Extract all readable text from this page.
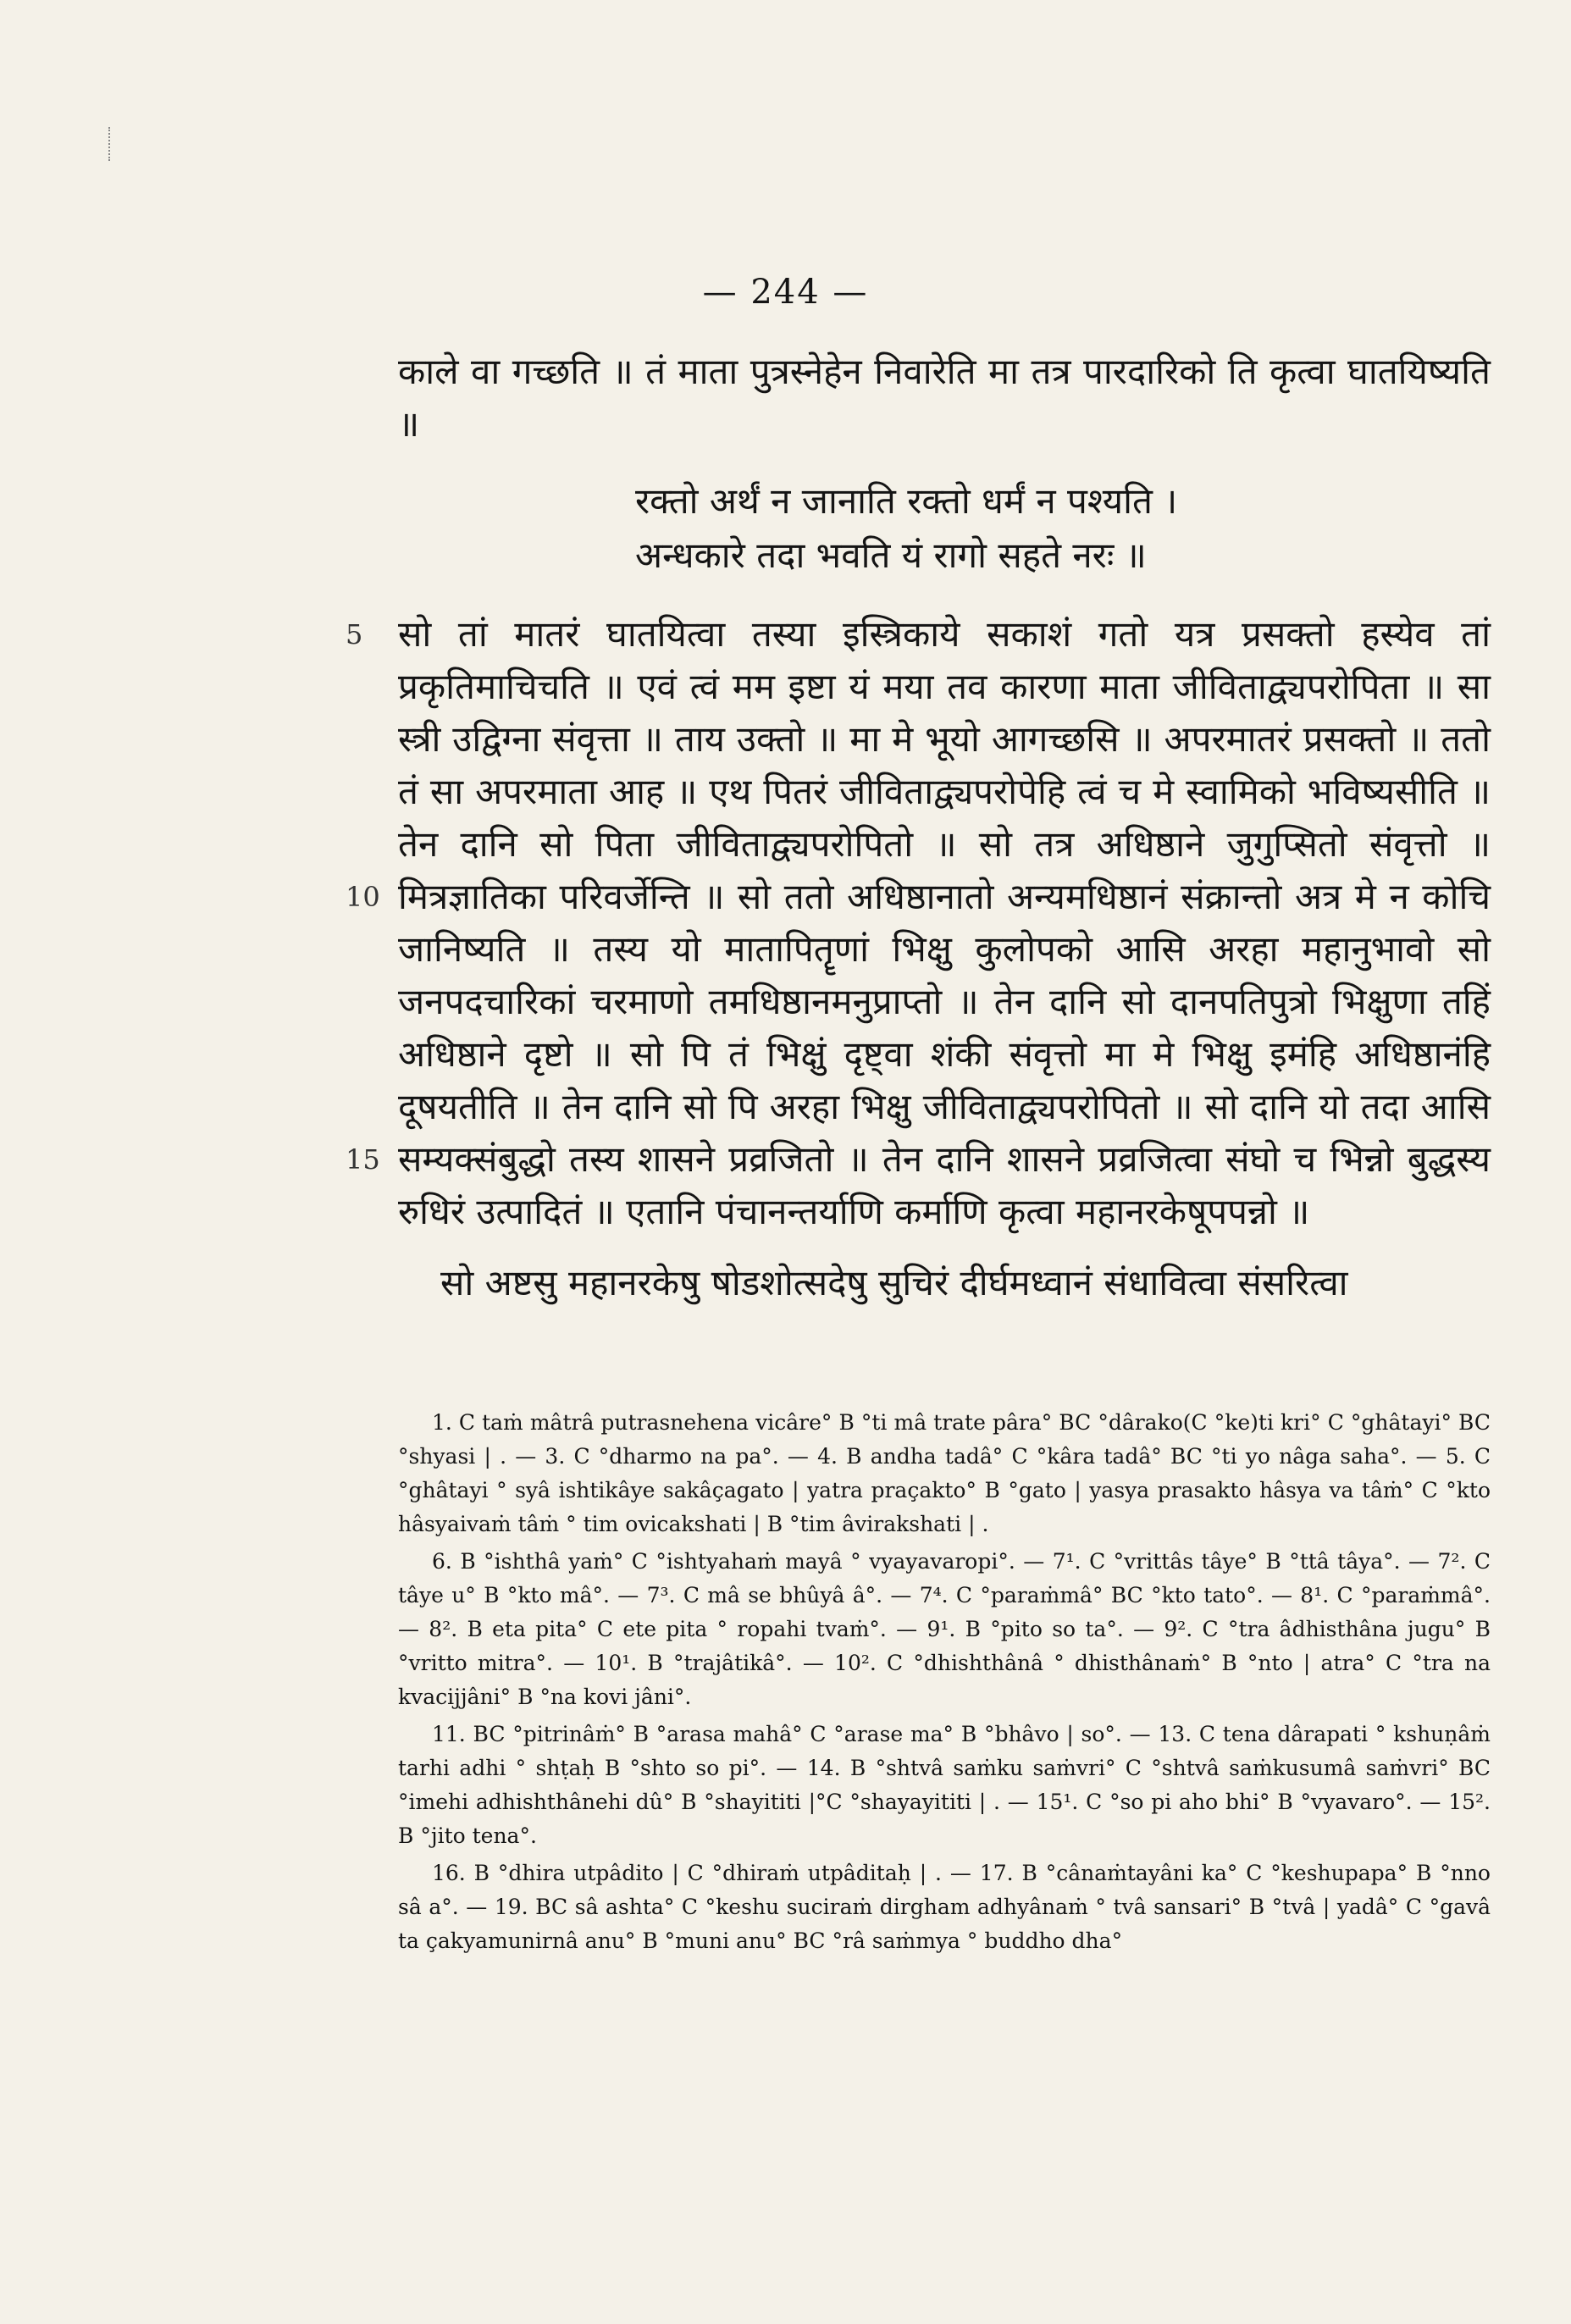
— 244 —

काले वा गच्छति ॥ तं माता पुत्रस्नेहेन निवारेति मा तत्र पारदारिको ति कृत्वा घातयिष्यति ॥

रक्तो अर्थं न जानाति रक्तो धर्मं न पश्यति ।
अन्धकारे तदा भवति यं रागो सहते नरः ॥

5
10
15
सो तां मातरं घातयित्वा तस्या इस्त्रिकाये सकाशं गतो यत्र प्रसक्तो हस्येव तां प्रकृतिमाचिचति ॥ एवं त्वं मम इष्टा यं मया तव कारणा माता जीविताद्व्यपरोपिता ॥ सा स्त्री उद्विग्ना संवृत्ता ॥ ताय उक्तो ॥ मा मे भूयो आगच्छसि ॥ अपरमातरं प्रसक्तो ॥ ततो तं सा अपरमाता आह ॥ एथ पितरं जीविताद्व्यपरोपेहि त्वं च मे स्वामिको भविष्यसीति ॥ तेन दानि सो पिता जीविताद्व्यपरोपितो ॥ सो तत्र अधिष्ठाने जुगुप्सितो संवृत्तो ॥ मित्रज्ञातिका परिवर्जेन्ति ॥ सो ततो अधिष्ठानातो अन्यमधिष्ठानं संक्रान्तो अत्र मे न कोचि जानिष्यति ॥ तस्य यो मातापितॄणां भिक्षु कुलोपको आसि अरहा महानुभावो सो जनपदचारिकां चरमाणो तमधिष्ठानमनुप्राप्तो ॥ तेन दानि सो दानपतिपुत्रो भिक्षुणा तहिं अधिष्ठाने दृष्टो ॥ सो पि तं भिक्षुं दृष्ट्वा शंकी संवृत्तो मा मे भिक्षु इमंहि अधिष्ठानंहि दूषयतीति ॥ तेन दानि सो पि अरहा भिक्षु जीविताद्व्यपरोपितो ॥ सो दानि यो तदा आसि सम्यक्संबुद्धो तस्य शासने प्रव्रजितो ॥ तेन दानि शासने प्रव्रजित्वा संघो च भिन्नो बुद्धस्य रुधिरं उत्पादितं ॥ एतानि पंचानन्तर्याणि कर्माणि कृत्वा महानरकेषूपपन्नो ॥

सो अष्टसु महानरकेषु षोडशोत्सदेषु सुचिरं दीर्घमध्वानं संधावित्वा संसरित्वा

1. C taṁ mâtrâ putrasnehena vicâre° B °ti mâ trate pâra° BC °dârako(C °ke)ti kri° C °ghâtayi° BC °shyasi | . — 3. C °dharmo na pa°. — 4. B andha tadâ° C °kâra tadâ° BC °ti yo nâga saha°. — 5. C °ghâtayi ° syâ ishtikâye sakâçagato | yatra praçakto° B °gato | yasya prasakto hâsya va tâṁ° C °kto hâsyaivaṁ tâṁ ° tim ovicakshati | B °tim âvirakshati | .

6. B °ishthâ yaṁ° C °ishtyahaṁ mayâ ° vyayavaropi°. — 7¹. C °vrittâs tâye° B °ttâ tâya°. — 7². C tâye u° B °kto mâ°. — 7³. C mâ se bhûyâ â°. — 7⁴. C °paraṁmâ° BC °kto tato°. — 8¹. C °paraṁmâ°. — 8². B eta pita° C ete pita ° ropahi tvaṁ°. — 9¹. B °pito so ta°. — 9². C °tra âdhisthâna jugu° B °vritto mitra°. — 10¹. B °trajâtikâ°. — 10². C °dhishthânâ ° dhisthânaṁ° B °nto | atra° C °tra na kvacijjâni° B °na kovi jâni°.

11. BC °pitrinâṁ° B °arasa mahâ° C °arase ma° B °bhâvo | so°. — 13. C tena dârapati ° kshuṇâṁ tarhi adhi ° shṭaḥ B °shto so pi°. — 14. B °shtvâ saṁku saṁvri° C °shtvâ saṁkusumâ saṁvri° BC °imehi adhishthânehi dû° B °shayititi |°C °shayayititi | . — 15¹. C °so pi aho bhi° B °vyavaro°. — 15². B °jito tena°.

16. B °dhira utpâdito | C °dhiraṁ utpâditaḥ | . — 17. B °cânaṁtayâni ka° C °keshupapa° B °nno sâ a°. — 19. BC sâ ashta° C °keshu suciraṁ dirgham adhyânaṁ ° tvâ sansari° B °tvâ | yadâ° C °gavâ ta çakyamunirnâ anu° B °muni anu° BC °râ saṁmya ° buddho dha°
